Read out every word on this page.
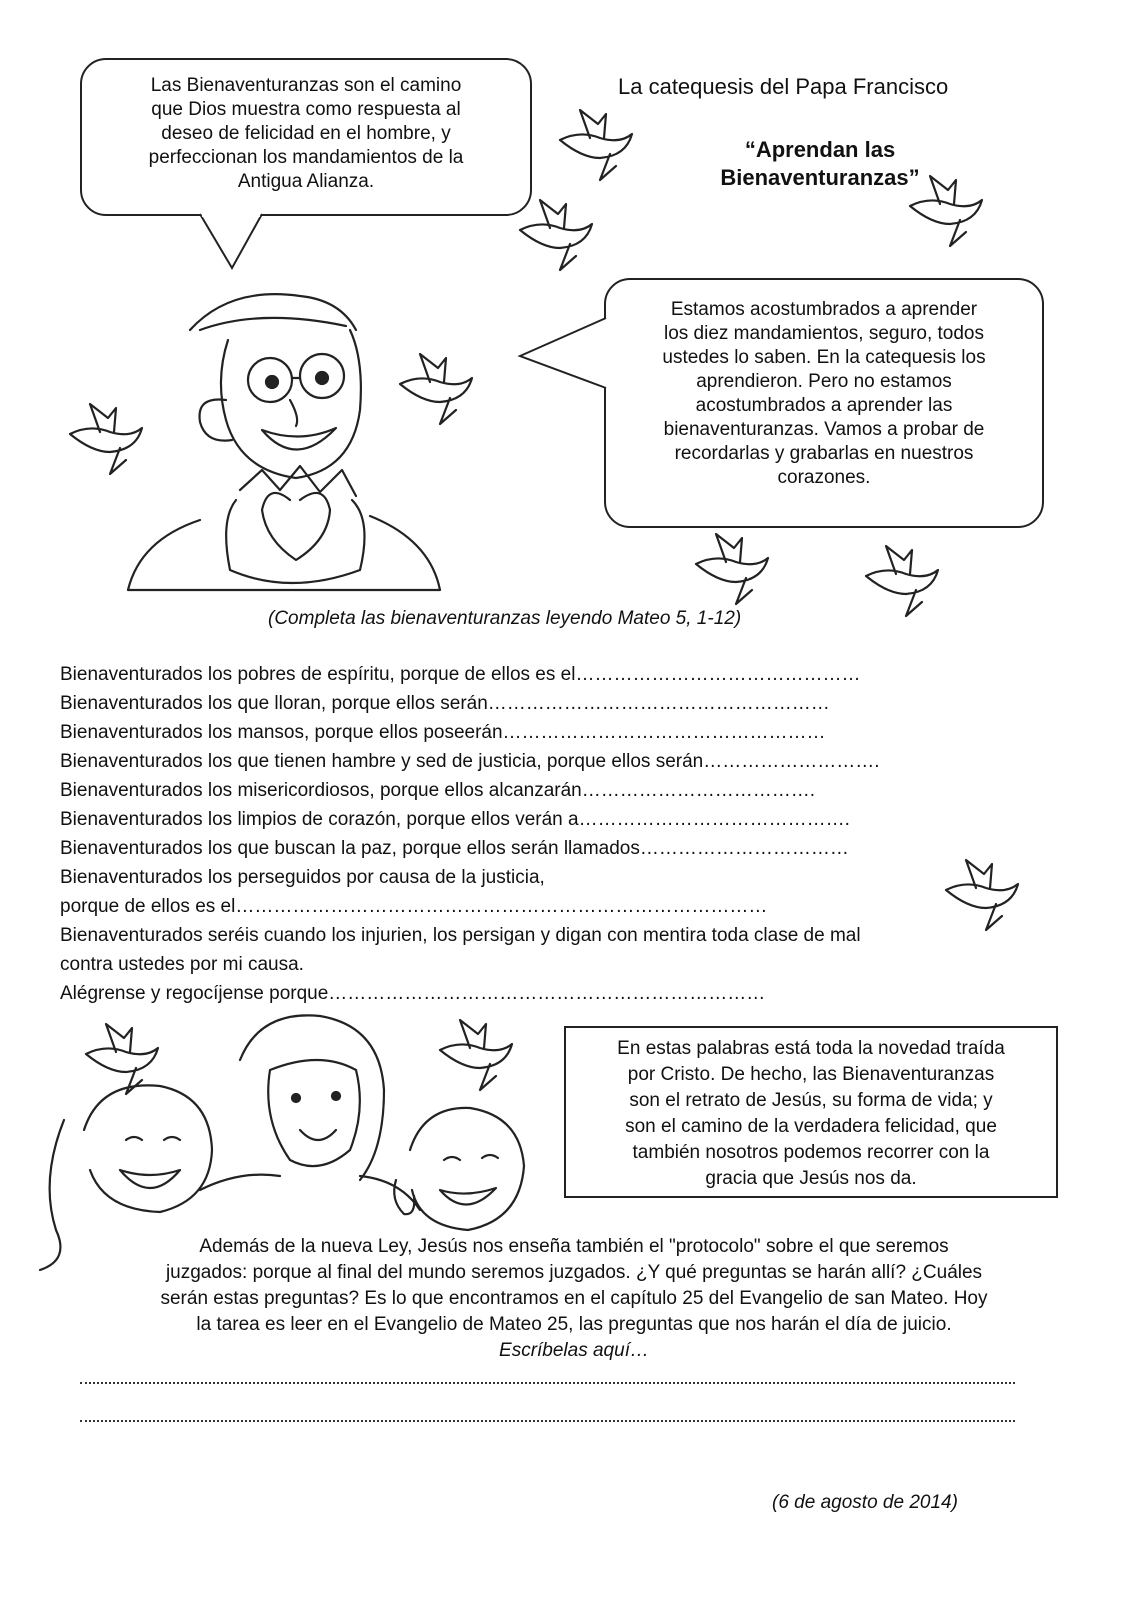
Las Bienaventuranzas son el camino

que Dios muestra como respuesta al

deseo de felicidad en el hombre, y

perfeccionan los mandamientos de la

Antigua Alianza.

La catequesis del Papa Francisco
“Aprendan las
Bienaventuranzas”

Estamos acostumbrados a aprender

los diez mandamientos, seguro, todos

ustedes lo saben. En la catequesis los

aprendieron. Pero no estamos

acostumbrados a aprender las

bienaventuranzas. Vamos a probar de

recordarlas y grabarlas en nuestros

corazones.

(Completa las bienaventuranzas leyendo Mateo 5, 1-12)
Bienaventurados los pobres de espíritu, porque de ellos es el………………………………………
Bienaventurados los que lloran, porque ellos serán………………………………………………
Bienaventurados los mansos, porque ellos poseerán……………………………………………
Bienaventurados los que tienen hambre y sed de justicia, porque ellos serán……………………….
Bienaventurados los misericordiosos, porque ellos alcanzarán……………………………….
Bienaventurados los limpios de corazón, porque ellos verán a…………………………………….
Bienaventurados los que buscan la paz, porque ellos serán llamados……………………………
Bienaventurados los perseguidos por causa de la justicia,
porque de ellos es el…………………………………………………………………………
Bienaventurados seréis cuando los injurien, los persigan y digan con mentira toda clase de mal
contra ustedes por mi causa.
Alégrense y regocíjense porque……………………………………………………………
En estas palabras está toda la novedad traída
por Cristo. De hecho, las Bienaventuranzas
son el retrato de Jesús, su forma de vida; y
son el camino de la verdadera felicidad, que
también nosotros podemos recorrer con la
gracia que Jesús nos da.
Además de la nueva Ley, Jesús nos enseña también el "protocolo" sobre el que seremos
juzgados: porque al final del mundo seremos juzgados. ¿Y qué preguntas se harán allí? ¿Cuáles
serán estas preguntas? Es lo que encontramos en el capítulo 25 del Evangelio de san Mateo. Hoy
la tarea es leer en el Evangelio de Mateo 25, las preguntas que nos harán el día de juicio.
Escríbelas aquí…
(6 de agosto de 2014)
